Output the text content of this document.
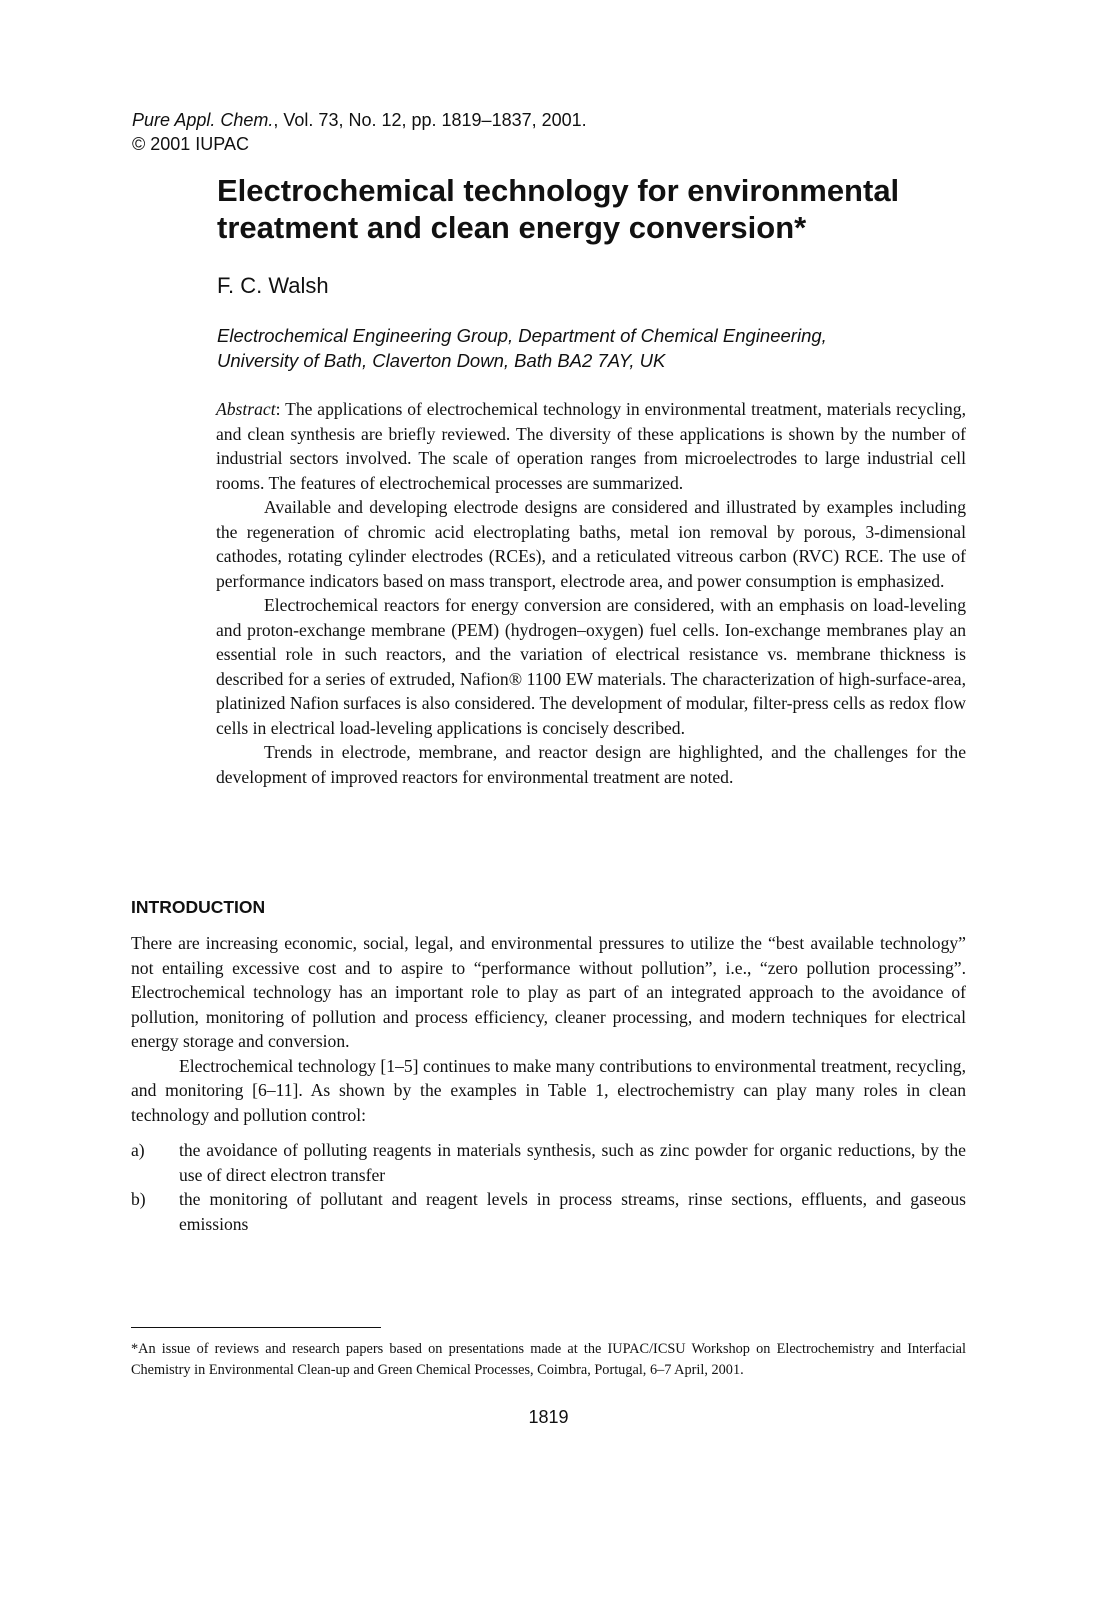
Pure Appl. Chem., Vol. 73, No. 12, pp. 1819–1837, 2001.
© 2001 IUPAC
Electrochemical technology for environmental treatment and clean energy conversion*
F. C. Walsh
Electrochemical Engineering Group, Department of Chemical Engineering,
University of Bath, Claverton Down, Bath BA2 7AY, UK

Abstract: The applications of electrochemical technology in environmental treatment, materials recycling, and clean synthesis are briefly reviewed. The diversity of these applications is shown by the number of industrial sectors involved. The scale of operation ranges from microelectrodes to large industrial cell rooms. The features of electrochemical processes are summarized.

Available and developing electrode designs are considered and illustrated by examples including the regeneration of chromic acid electroplating baths, metal ion removal by porous, 3-dimensional cathodes, rotating cylinder electrodes (RCEs), and a reticulated vitreous carbon (RVC) RCE. The use of performance indicators based on mass transport, electrode area, and power consumption is emphasized.

Electrochemical reactors for energy conversion are considered, with an emphasis on load-leveling and proton-exchange membrane (PEM) (hydrogen–oxygen) fuel cells. Ion-exchange membranes play an essential role in such reactors, and the variation of electrical resistance vs. membrane thickness is described for a series of extruded, Nafion® 1100 EW materials. The characterization of high-surface-area, platinized Nafion surfaces is also considered. The development of modular, filter-press cells as redox flow cells in electrical load-leveling applications is concisely described.

Trends in electrode, membrane, and reactor design are highlighted, and the challenges for the development of improved reactors for environmental treatment are noted.

INTRODUCTION

There are increasing economic, social, legal, and environmental pressures to utilize the “best available technology” not entailing excessive cost and to aspire to “performance without pollution”, i.e., “zero pollution processing”. Electrochemical technology has an important role to play as part of an integrated approach to the avoidance of pollution, monitoring of pollution and process efficiency, cleaner processing, and modern techniques for electrical energy storage and conversion.

Electrochemical technology [1–5] continues to make many contributions to environmental treatment, recycling, and monitoring [6–11]. As shown by the examples in Table 1, electrochemistry can play many roles in clean technology and pollution control:

a)	the avoidance of polluting reagents in materials synthesis, such as zinc powder for organic reductions, by the use of direct electron transfer
b)	the monitoring of pollutant and reagent levels in process streams, rinse sections, effluents, and gaseous emissions
*An issue of reviews and research papers based on presentations made at the IUPAC/ICSU Workshop on Electrochemistry and Interfacial Chemistry in Environmental Clean-up and Green Chemical Processes, Coimbra, Portugal, 6–7 April, 2001.
1819
